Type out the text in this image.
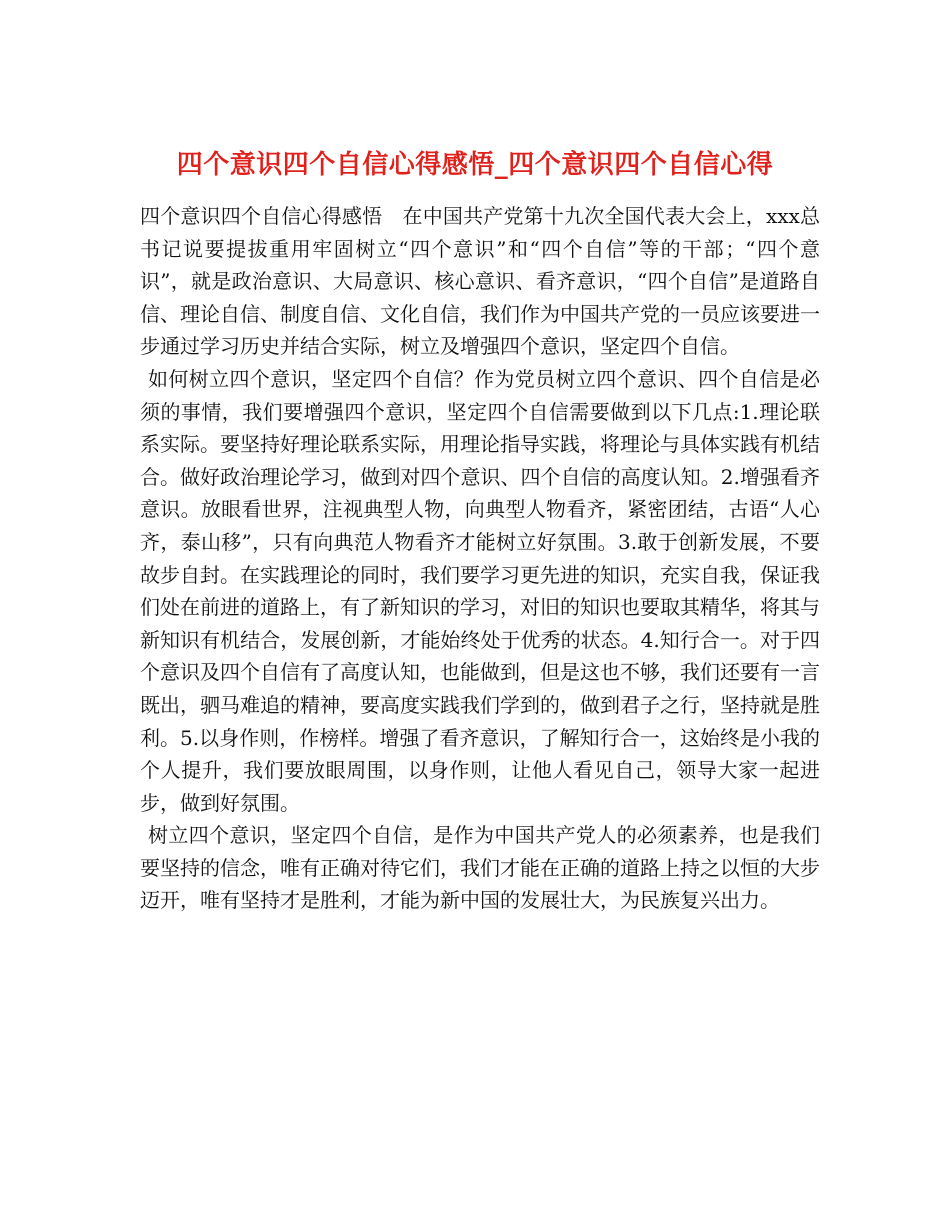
四个意识四个自信心得感悟_四个意识四个自信心得

四个意识四个自信心得感悟　在中国共产党第十九次全国代表大会上，xxx总书记说要提拔重用牢固树立“四个意识”和“四个自信”等的干部；“四个意识”，就是政治意识、大局意识、核心意识、看齐意识，“四个自信”是道路自信、理论自信、制度自信、文化自信，我们作为中国共产党的一员应该要进一步通过学习历史并结合实际，树立及增强四个意识，坚定四个自信。

如何树立四个意识，坚定四个自信？作为党员树立四个意识、四个自信是必须的事情，我们要增强四个意识，坚定四个自信需要做到以下几点:1.理论联系实际。要坚持好理论联系实际，用理论指导实践，将理论与具体实践有机结合。做好政治理论学习，做到对四个意识、四个自信的高度认知。2.增强看齐意识。放眼看世界，注视典型人物，向典型人物看齐，紧密团结，古语“人心齐，泰山移”，只有向典范人物看齐才能树立好氛围。3.敢于创新发展，不要故步自封。在实践理论的同时，我们要学习更先进的知识，充实自我，保证我们处在前进的道路上，有了新知识的学习，对旧的知识也要取其精华，将其与新知识有机结合，发展创新，才能始终处于优秀的状态。4.知行合一。对于四个意识及四个自信有了高度认知，也能做到，但是这也不够，我们还要有一言既出，驷马难追的精神，要高度实践我们学到的，做到君子之行，坚持就是胜利。5.以身作则，作榜样。增强了看齐意识，了解知行合一，这始终是小我的个人提升，我们要放眼周围，以身作则，让他人看见自己，领导大家一起进步，做到好氛围。

树立四个意识，坚定四个自信，是作为中国共产党人的必须素养，也是我们要坚持的信念，唯有正确对待它们，我们才能在正确的道路上持之以恒的大步迈开，唯有坚持才是胜利，才能为新中国的发展壮大，为民族复兴出力。
